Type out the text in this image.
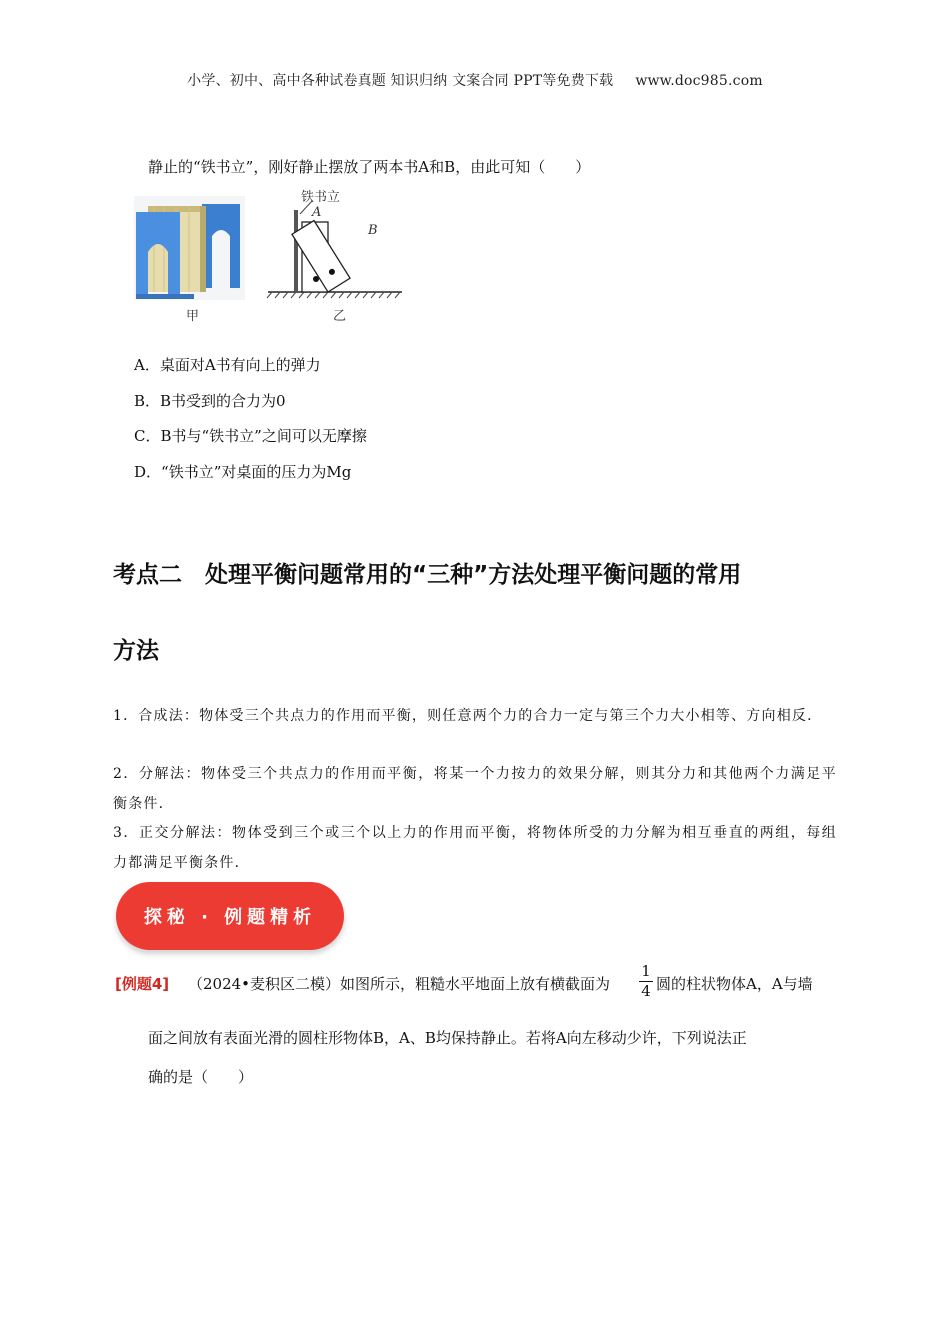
小学、初中、高中各种试卷真题 知识归纳 文案合同 PPT等免费下载 www.doc985.com
静止的“铁书立”，刚好静止摆放了两本书A和B，由此可知（　　）
甲
铁书立
A
B
乙
A．桌面对A书有向上的弹力
B．B书受到的合力为0
C．B书与“铁书立”之间可以无摩擦
D．“铁书立”对桌面的压力为Mg
考点二　处理平衡问题常用的“三种”方法处理平衡问题的常用
方法
1．合成法：物体受三个共点力的作用而平衡，则任意两个力的合力一定与第三个力大小相等、方向相反．
2．分解法：物体受三个共点力的作用而平衡，将某一个力按力的效果分解，则其分力和其他两个力满足平衡条件．
3．正交分解法：物体受到三个或三个以上力的作用而平衡，将物体所受的力分解为相互垂直的两组，每组力都满足平衡条件．
探秘 · 例题精析
[例题4] （2024•麦积区二模）如图所示，粗糙水平地面上放有横截面为
1
4 圆的柱状物体A，A与墙
面之间放有表面光滑的圆柱形物体B，A、B均保持静止。若将A向左移动少许，下列说法正
确的是（　　）
